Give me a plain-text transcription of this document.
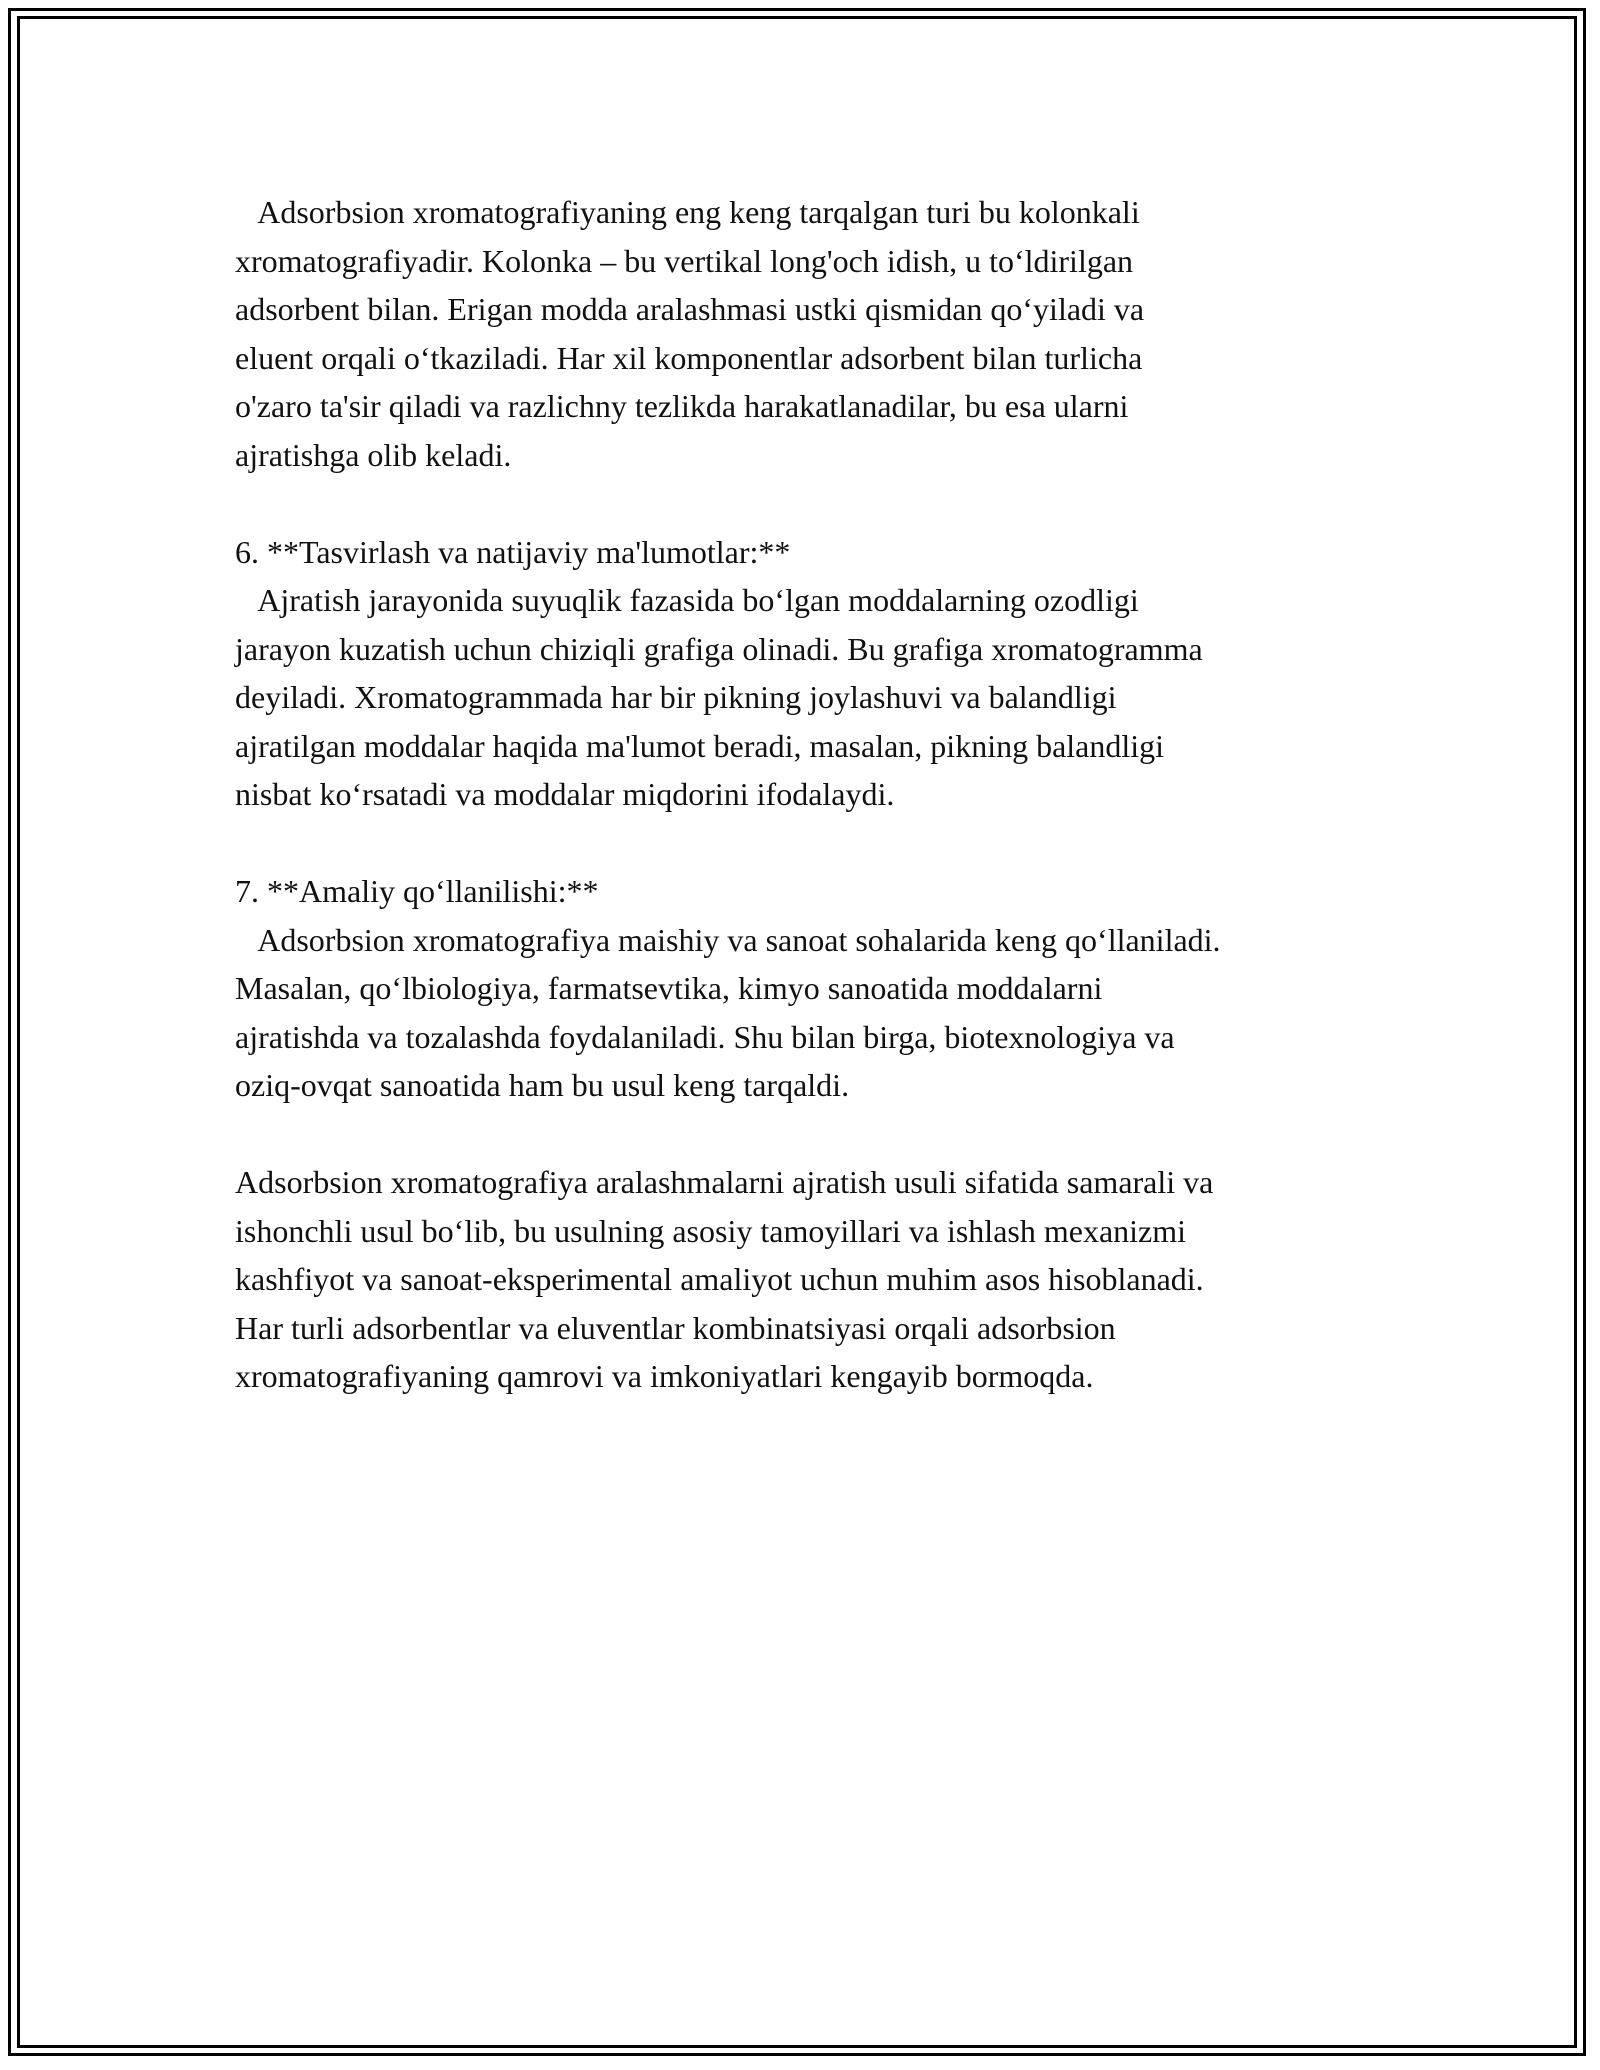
Adsorbsion xromatografiyaning eng keng tarqalgan turi bu kolonkali
xromatografiyadir. Kolonka – bu vertikal long'och idish, u to‘ldirilgan
adsorbent bilan. Erigan modda aralashmasi ustki qismidan qo‘yiladi va
eluent orqali o‘tkaziladi. Har xil komponentlar adsorbent bilan turlicha
o'zaro ta'sir qiladi va razlichny tezlikda harakatlanadilar, bu esa ularni
ajratishga olib keladi.
6. **Tasvirlash va natijaviy ma'lumotlar:**
Ajratish jarayonida suyuqlik fazasida bo‘lgan moddalarning ozodligi
jarayon kuzatish uchun chiziqli grafiga olinadi. Bu grafiga xromatogramma
deyiladi. Xromatogrammada har bir pikning joylashuvi va balandligi
ajratilgan moddalar haqida ma'lumot beradi, masalan, pikning balandligi
nisbat ko‘rsatadi va moddalar miqdorini ifodalaydi.
7. **Amaliy qo‘llanilishi:**
Adsorbsion xromatografiya maishiy va sanoat sohalarida keng qo‘llaniladi.
Masalan, qo‘lbiologiya, farmatsevtika, kimyo sanoatida moddalarni
ajratishda va tozalashda foydalaniladi. Shu bilan birga, biotexnologiya va
oziq-ovqat sanoatida ham bu usul keng tarqaldi.
Adsorbsion xromatografiya aralashmalarni ajratish usuli sifatida samarali va
ishonchli usul bo‘lib, bu usulning asosiy tamoyillari va ishlash mexanizmi
kashfiyot va sanoat-eksperimental amaliyot uchun muhim asos hisoblanadi.
Har turli adsorbentlar va eluventlar kombinatsiyasi orqali adsorbsion
xromatografiyaning qamrovi va imkoniyatlari kengayib bormoqda.
